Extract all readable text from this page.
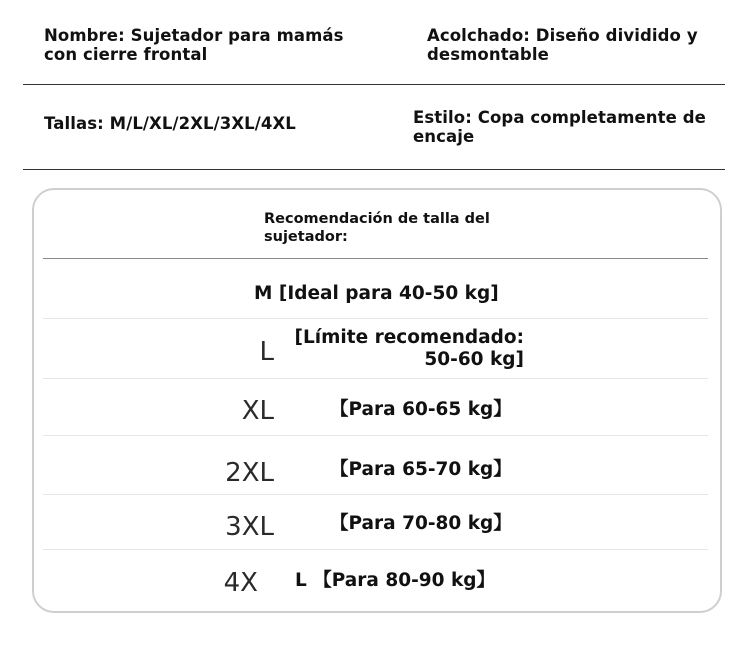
Nombre: Sujetador para mamás con cierre frontal
Acolchado: Diseño dividido y desmontable
Tallas: M/L/XL/2XL/3XL/4XL	Estilo: Copa completamente de encaje
Recomendación de talla del sujetador:
M [Ideal para 40-50 kg]
L [Límite recomendado:
50-60 kg]
XL	【Para 60-65 kg】
2XL	【Para 65-70 kg】
3XL	【Para 70-80 kg】
4X L 【Para 80-90 kg】
